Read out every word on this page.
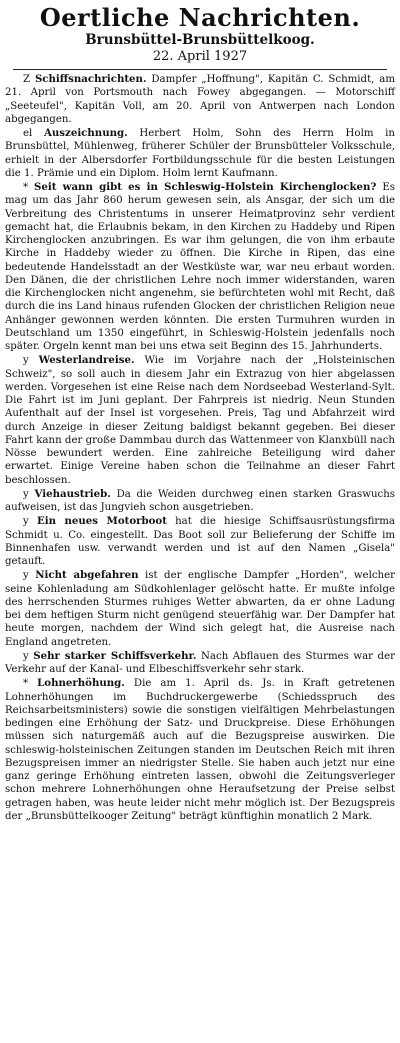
Oertliche Nachrichten.
Brunsbüttel-Brunsbüttelkoog.
22. April 1927

Z Schiffsnachrichten. Dampfer „Hoffnung", Kapitän C. Schmidt, am 21. April von Portsmouth nach Fowey abgegangen. — Motorschiff „Seeteufel", Kapitän Voll, am 20. April von Antwerpen nach London abgegangen.

el Auszeichnung. Herbert Holm, Sohn des Herrn Holm in Brunsbüttel, Mühlenweg, früherer Schüler der Brunsbütteler Volksschule, erhielt in der Albersdorfer Fortbildungsschule für die besten Leistungen die 1. Prämie und ein Diplom. Holm lernt Kaufmann.

* Seit wann gibt es in Schleswig-Holstein Kirchenglocken? Es mag um das Jahr 860 herum gewesen sein, als Ansgar, der sich um die Verbreitung des Christentums in unserer Heimatprovinz sehr verdient gemacht hat, die Erlaubnis bekam, in den Kirchen zu Haddeby und Ripen Kirchenglocken anzubringen. Es war ihm gelungen, die von ihm erbaute Kirche in Haddeby wieder zu öffnen. Die Kirche in Ripen, das eine bedeutende Handelsstadt an der Westküste war, war neu erbaut worden. Den Dänen, die der christlichen Lehre noch immer widerstanden, waren die Kirchenglocken nicht angenehm, sie befürchteten wohl mit Recht, daß durch die ins Land hinaus rufenden Glocken der christlichen Religion neue Anhänger gewonnen werden könnten. Die ersten Turmuhren wurden in Deutschland um 1350 eingeführt, in Schleswig-Holstein jedenfalls noch später. Orgeln kennt man bei uns etwa seit Beginn des 15. Jahrhunderts.

y Westerlandreise. Wie im Vorjahre nach der „Holsteinischen Schweiz", so soll auch in diesem Jahr ein Extrazug von hier abgelassen werden. Vorgesehen ist eine Reise nach dem Nordseebad Westerland-Sylt. Die Fahrt ist im Juni geplant. Der Fahrpreis ist niedrig. Neun Stunden Aufenthalt auf der Insel ist vorgesehen. Preis, Tag und Abfahrzeit wird durch Anzeige in dieser Zeitung baldigst bekannt gegeben. Bei dieser Fahrt kann der große Dammbau durch das Wattenmeer von Klanxbüll nach Nösse bewundert werden. Eine zahlreiche Beteiligung wird daher erwartet. Einige Vereine haben schon die Teilnahme an dieser Fahrt beschlossen.

y Viehaustrieb. Da die Weiden durchweg einen starken Graswuchs aufweisen, ist das Jungvieh schon ausgetrieben.

y Ein neues Motorboot hat die hiesige Schiffsausrüstungsfirma Schmidt u. Co. eingestellt. Das Boot soll zur Belieferung der Schiffe im Binnenhafen usw. verwandt werden und ist auf den Namen „Gisela" getauft.

y Nicht abgefahren ist der englische Dampfer „Horden", welcher seine Kohlenladung am Südkohlenlager gelöscht hatte. Er mußte infolge des herrschenden Sturmes ruhiges Wetter abwarten, da er ohne Ladung bei dem heftigen Sturm nicht genügend steuerfähig war. Der Dampfer hat heute morgen, nachdem der Wind sich gelegt hat, die Ausreise nach England angetreten.

y Sehr starker Schiffsverkehr. Nach Abflauen des Sturmes war der Verkehr auf der Kanal- und Elbeschiffsverkehr sehr stark.

* Lohnerhöhung. Die am 1. April ds. Js. in Kraft getretenen Lohnerhöhungen im Buchdruckergewerbe (Schiedsspruch des Reichsarbeitsministers) sowie die sonstigen vielfältigen Mehrbelastungen bedingen eine Erhöhung der Satz- und Druckpreise. Diese Erhöhungen müssen sich naturgemäß auch auf die Bezugspreise auswirken. Die schleswig-holsteinischen Zeitungen standen im Deutschen Reich mit ihren Bezugspreisen immer an niedrigster Stelle. Sie haben auch jetzt nur eine ganz geringe Erhöhung eintreten lassen, obwohl die Zeitungsverleger schon mehrere Lohnerhöhungen ohne Heraufsetzung der Preise selbst getragen haben, was heute leider nicht mehr möglich ist. Der Bezugspreis der „Brunsbüttelkooger Zeitung" beträgt künftighin monatlich 2 Mark.
